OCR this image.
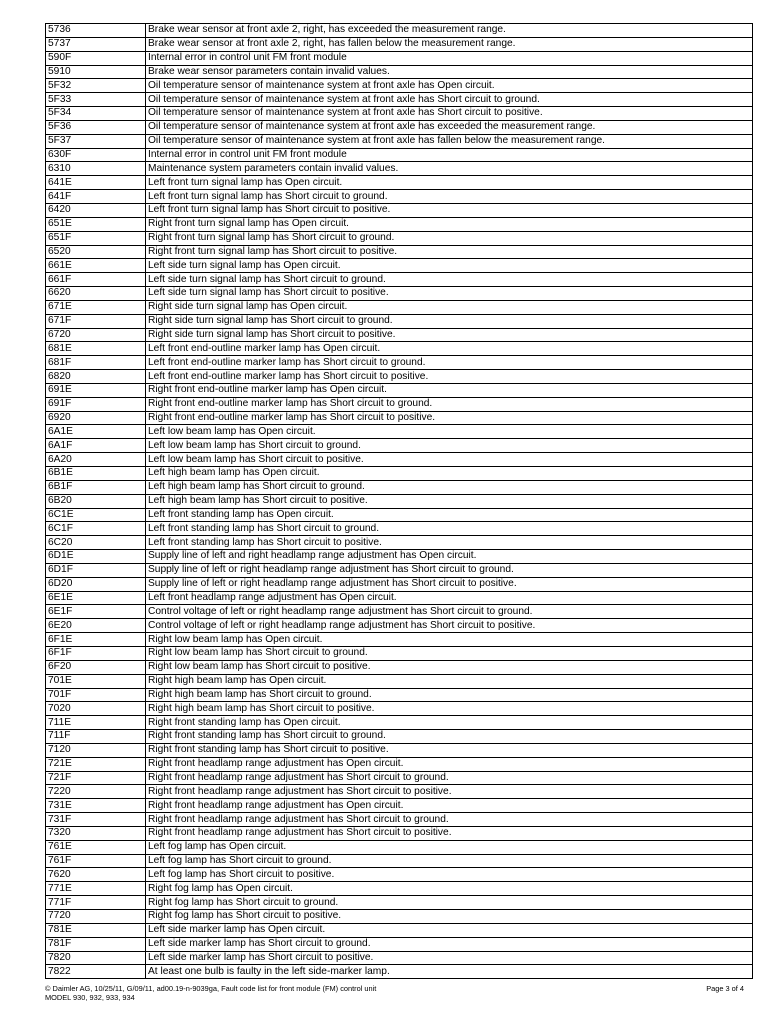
5736	Brake wear sensor at front axle 2, right, has exceeded the measurement range.
5737	Brake wear sensor at front axle 2, right, has fallen below the measurement range.
590F	Internal error in control unit FM front module
5910	Brake wear sensor parameters contain invalid values.
5F32	Oil temperature sensor of maintenance system at front axle has Open circuit.
5F33	Oil temperature sensor of maintenance system at front axle has Short circuit to ground.
5F34	Oil temperature sensor of maintenance system at front axle has Short circuit to positive.
5F36	Oil temperature sensor of maintenance system at front axle has exceeded the measurement range.
5F37	Oil temperature sensor of maintenance system at front axle has fallen below the measurement range.
630F	Internal error in control unit FM front module
6310	Maintenance system parameters contain invalid values.
641E	Left front turn signal lamp has Open circuit.
641F	Left front turn signal lamp has Short circuit to ground.
6420	Left front turn signal lamp has Short circuit to positive.
651E	Right front turn signal lamp has Open circuit.
651F	Right front turn signal lamp has Short circuit to ground.
6520	Right front turn signal lamp has Short circuit to positive.
661E	Left side turn signal lamp has Open circuit.
661F	Left side turn signal lamp has Short circuit to ground.
6620	Left side turn signal lamp has Short circuit to positive.
671E	Right side turn signal lamp has Open circuit.
671F	Right side turn signal lamp has Short circuit to ground.
6720	Right side turn signal lamp has Short circuit to positive.
681E	Left front end-outline marker lamp has Open circuit.
681F	Left front end-outline marker lamp has Short circuit to ground.
6820	Left front end-outline marker lamp has Short circuit to positive.
691E	Right front end-outline marker lamp has Open circuit.
691F	Right front end-outline marker lamp has Short circuit to ground.
6920	Right front end-outline marker lamp has Short circuit to positive.
6A1E	Left low beam lamp has Open circuit.
6A1F	Left low beam lamp has Short circuit to ground.
6A20	Left low beam lamp has Short circuit to positive.
6B1E	Left high beam lamp has Open circuit.
6B1F	Left high beam lamp has Short circuit to ground.
6B20	Left high beam lamp has Short circuit to positive.
6C1E	Left front standing lamp has Open circuit.
6C1F	Left front standing lamp has Short circuit to ground.
6C20	Left front standing lamp has Short circuit to positive.
6D1E	Supply line of left and right headlamp range adjustment has Open circuit.
6D1F	Supply line of left or right headlamp range adjustment has Short circuit to ground.
6D20	Supply line of left or right headlamp range adjustment has Short circuit to positive.
6E1E	Left front headlamp range adjustment has Open circuit.
6E1F	Control voltage of left or right headlamp range adjustment has Short circuit to ground.
6E20	Control voltage of left or right headlamp range adjustment has Short circuit to positive.
6F1E	Right low beam lamp has Open circuit.
6F1F	Right low beam lamp has Short circuit to ground.
6F20	Right low beam lamp has Short circuit to positive.
701E	Right high beam lamp has Open circuit.
701F	Right high beam lamp has Short circuit to ground.
7020	Right high beam lamp has Short circuit to positive.
711E	Right front standing lamp has Open circuit.
711F	Right front standing lamp has Short circuit to ground.
7120	Right front standing lamp has Short circuit to positive.
721E	Right front headlamp range adjustment has Open circuit.
721F	Right front headlamp range adjustment has Short circuit to ground.
7220	Right front headlamp range adjustment has Short circuit to positive.
731E	Right front headlamp range adjustment has Open circuit.
731F	Right front headlamp range adjustment has Short circuit to ground.
7320	Right front headlamp range adjustment has Short circuit to positive.
761E	Left fog lamp has Open circuit.
761F	Left fog lamp has Short circuit to ground.
7620	Left fog lamp has Short circuit to positive.
771E	Right fog lamp has Open circuit.
771F	Right fog lamp has Short circuit to ground.
7720	Right fog lamp has Short circuit to positive.
781E	Left side marker lamp has Open circuit.
781F	Left side marker lamp has Short circuit to ground.
7820	Left side marker lamp has Short circuit to positive.
7822	At least one bulb is faulty in the left side-marker lamp.
© Daimler AG, 10/25/11, G/09/11, ad00.19-n-9039ga, Fault code list for front module (FM) control unit
MODEL 930, 932, 933, 934
Page 3 of 4
